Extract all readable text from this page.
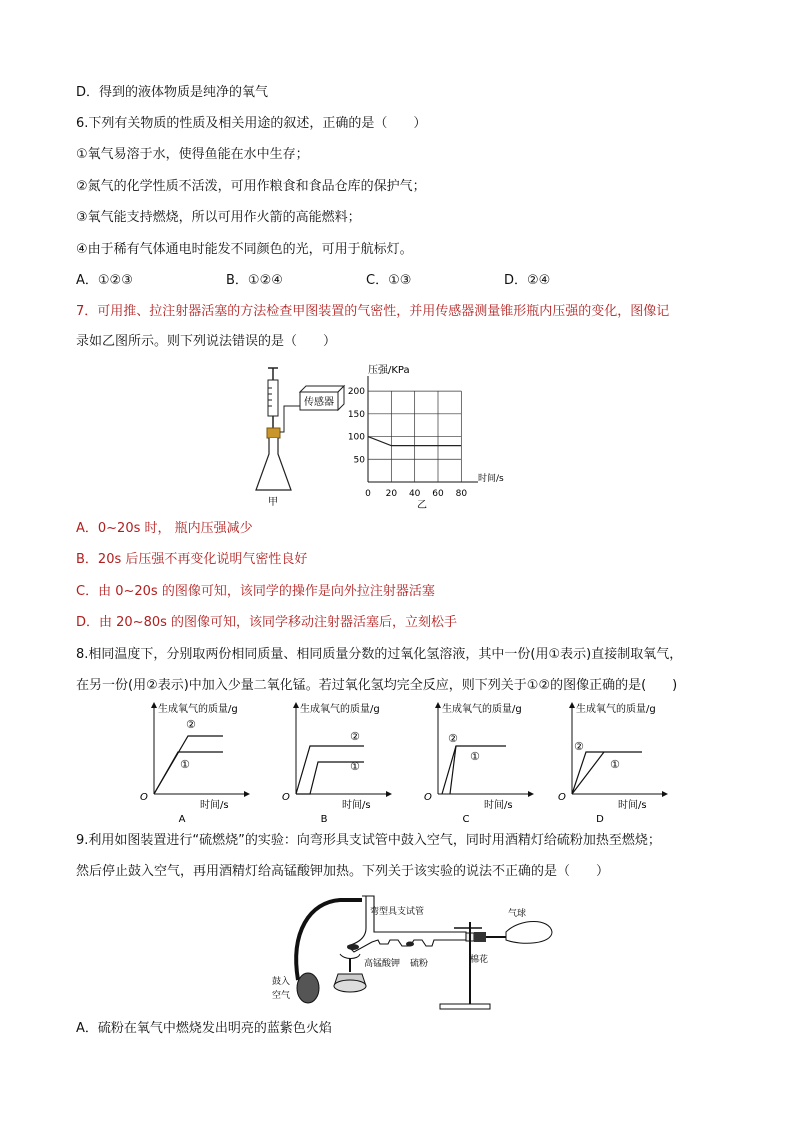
D．得到的液体物质是纯净的氧气
6.下列有关物质的性质及相关用途的叙述，正确的是（　　）
①氧气易溶于水，使得鱼能在水中生存；
②氮气的化学性质不活泼，可用作粮食和食品仓库的保护气；
③氧气能支持燃烧，所以可用作火箭的高能燃料；
④由于稀有气体通电时能发不同颜色的光，可用于航标灯。
A．①②③	B．①②④	C．①③	D．②④
7．可用推、拉注射器活塞的方法检查甲图装置的气密性，并用传感器测量锥形瓶内压强的变化，图像记
录如乙图所示。则下列说法错误的是（　　）
传感器
甲
压强/KPa
时间/s
乙
50
100
150
200
0 20 40 60 80
A．0~20s 时， 瓶内压强减少
B．20s 后压强不再变化说明气密性良好
C．由 0~20s 的图像可知，该同学的操作是向外拉注射器活塞
D．由 20~80s 的图像可知，该同学移动注射器活塞后，立刻松手
8.相同温度下，分别取两份相同质量、相同质量分数的过氧化氢溶液，其中一份(用①表示)直接制取氧气，
在另一份(用②表示)中加入少量二氧化锰。若过氧化氢均完全反应，则下列关于①②的图像正确的是(　　)
生成氧气的质量/g
时间/s
O
②
①
A
生成氧气的质量/g
时间/s
O
②
①
B
生成氧气的质量/g
时间/s
O
②
①
C
生成氧气的质量/g
时间/s
O
②
①
D
9.利用如图装置进行“硫燃烧”的实验：向弯形具支试管中鼓入空气，同时用酒精灯给硫粉加热至燃烧；
然后停止鼓入空气，再用酒精灯给高锰酸钾加热。下列关于该实验的说法不正确的是（　　）
鼓入
空气
弯型具支试管
高锰酸钾 硫粉	棉花
气球
A．硫粉在氧气中燃烧发出明亮的蓝紫色火焰
